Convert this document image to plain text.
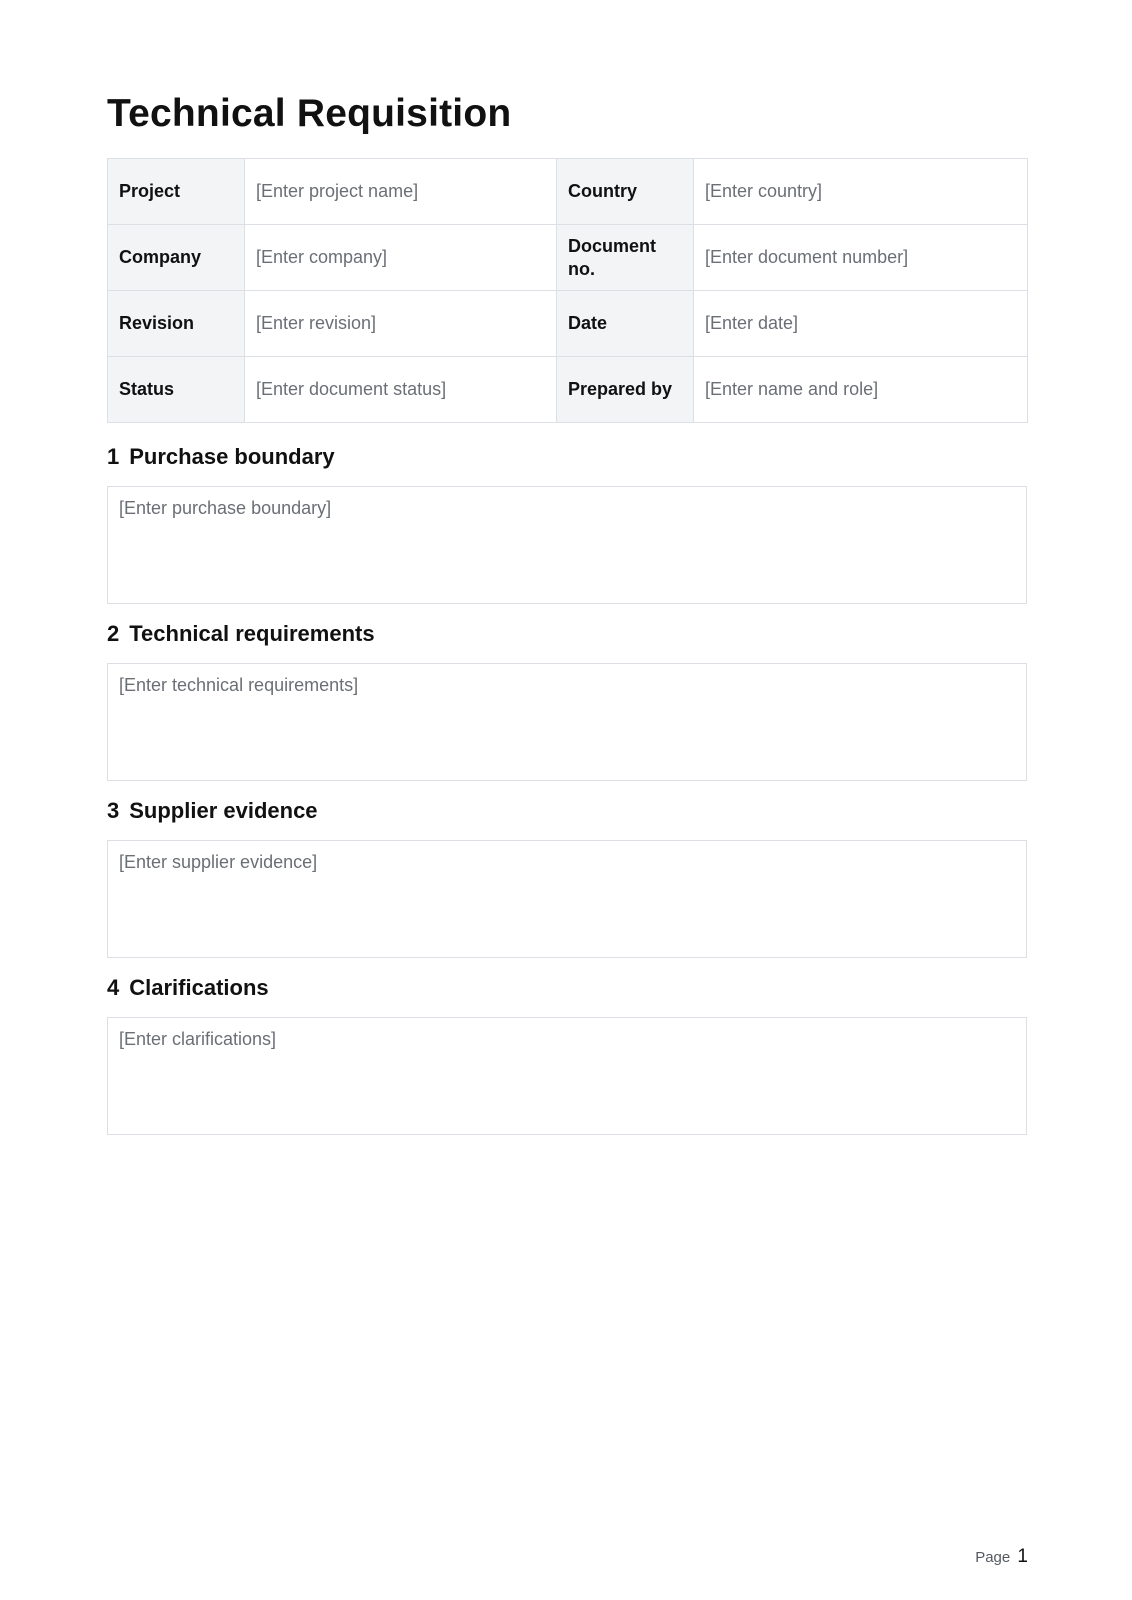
Technical Requisition
Project	[Enter project name]	Country	[Enter country]
Company	[Enter company]	Document no.	[Enter document number]
Revision	[Enter revision]	Date	[Enter date]
Status	[Enter document status]	Prepared by	[Enter name and role]
1 Purchase boundary
[Enter purchase boundary]
2 Technical requirements
[Enter technical requirements]
3 Supplier evidence
[Enter supplier evidence]
4 Clarifications
[Enter clarifications]
Page 1
